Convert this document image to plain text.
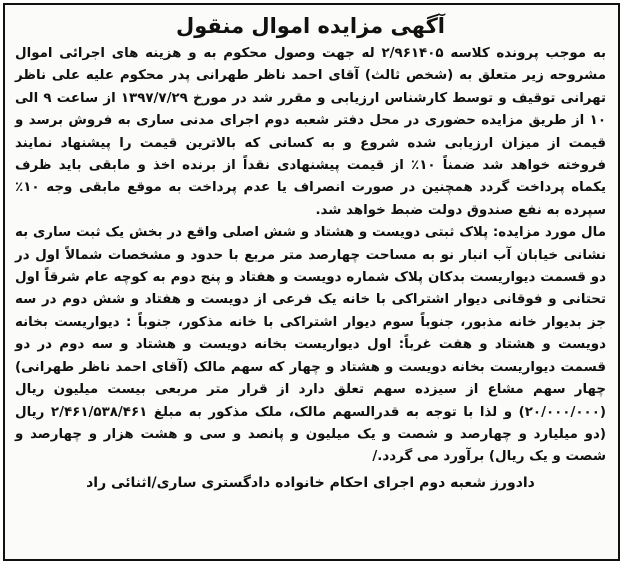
آگهی مزایده اموال منقول

به موجب پرونده کلاسه ۲/۹۶۱۴۰۵ له جهت وصول محکوم به و هزینه های اجرائی اموال مشروحه زیر متعلق به (شخص ثالث) آقای احمد ناظر طهرانی پدر محکوم علیه علی ناظر تهرانی توقیف و توسط کارشناس ارزیابی و مقرر شد در مورخ ۱۳۹۷/۷/۲۹ از ساعت ۹ الی ۱۰ از طریق مزایده حضوری در محل دفتر شعبه دوم اجرای مدنی ساری به فروش برسد و قیمت از میزان ارزیابی شده شروع و به کسانی که بالاترین قیمت را پیشنهاد نمایند فروخته خواهد شد ضمناً ۱۰٪ از قیمت پیشنهادی نقداً از برنده اخذ و مابقی باید ظرف یکماه پرداخت گردد همچنین در صورت انصراف یا عدم پرداخت به موقع مابقی وجه ۱۰٪ سپرده به نفع صندوق دولت ضبط خواهد شد.

مال مورد مزایده: پلاک ثبتی دویست و هشتاد و شش اصلی واقع در بخش یک ثبت ساری به نشانی خیابان آب انبار نو به مساحت چهارصد متر مربع با حدود و مشخصات شمالاً اول در دو قسمت دیواریست بدکان پلاک شماره دویست و هفتاد و پنج دوم به کوچه عام شرقاً اول تحتانی و فوقانی دیوار اشتراکی با خانه یک فرعی از دویست و هفتاد و شش دوم در سه جز بدیوار خانه مذبور، جنوباً سوم دیوار اشتراکی با خانه مذکور، جنوباً : دیواریست بخانه دویست و هشتاد و هفت غرباً: اول دیواریست بخانه دویست و هشتاد و سه دوم در دو قسمت دیواریست بخانه دویست و هشتاد و چهار که سهم مالک (آقای احمد ناظر طهرانی) چهار سهم مشاع از سیزده سهم تعلق دارد از قرار متر مربعی بیست میلیون ریال (۲۰/۰۰۰/۰۰۰) و لذا با توجه به قدرالسهم مالک، ملک مذکور به مبلغ ۲/۴۶۱/۵۳۸/۴۶۱ ریال (دو میلیارد و چهارصد و شصت و یک میلیون و پانصد و سی و هشت هزار و چهارصد و شصت و یک ریال) برآورد می گردد./

دادورز شعبه دوم اجرای احکام خانواده دادگستری ساری/اثنائی راد
